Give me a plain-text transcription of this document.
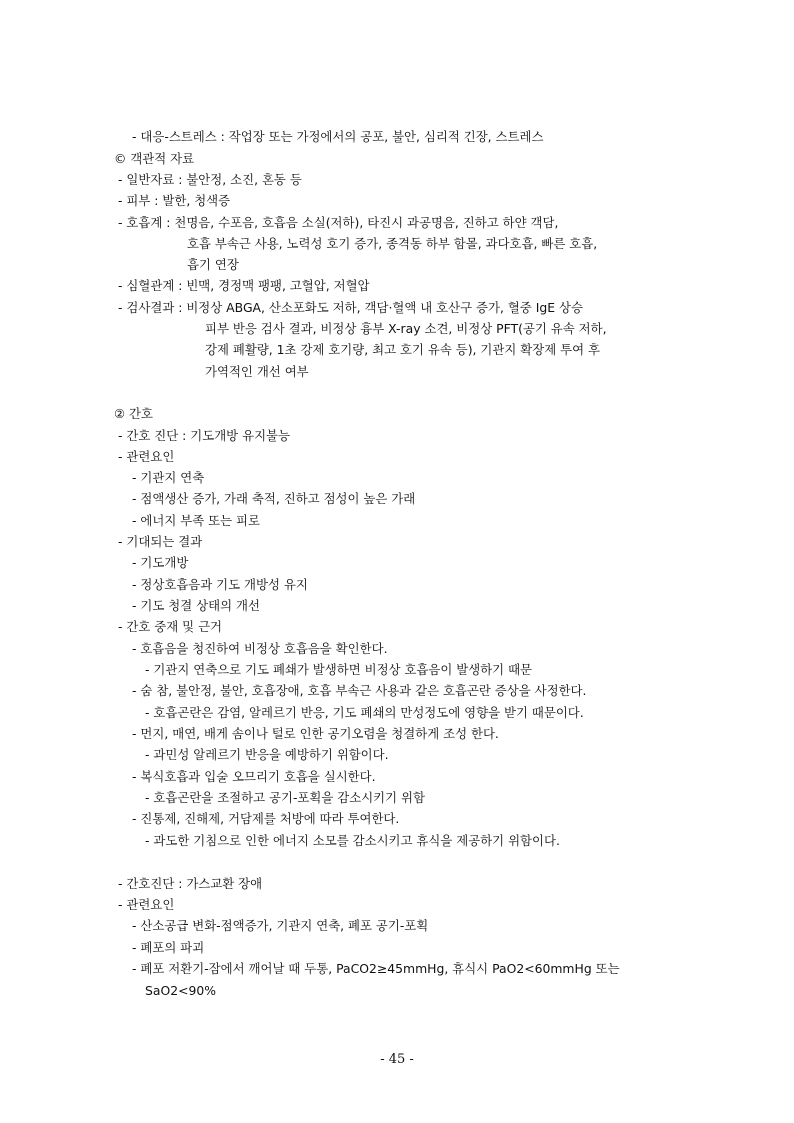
- 대응-스트레스 : 작업장 또는 가정에서의 공포, 불안, 심리적 긴장, 스트레스
© 객관적 자료
- 일반자료 : 불안정, 소진, 혼동 등
- 피부 : 발한, 청색증
- 호흡계 : 천명음, 수포음, 호흡음 소실(저하), 타진시 과공명음, 진하고 하얀 객담,
호흡 부속근 사용, 노력성 호기 증가, 종격동 하부 함몰, 과다호흡, 빠른 호흡,
흡기 연장
- 심혈관계 : 빈맥, 경정맥 팽팽, 고혈압, 저혈압
- 검사결과 : 비정상 ABGA, 산소포화도 저하, 객담·혈액 내 호산구 증가, 혈중 IgE 상승
피부 반응 검사 결과, 비정상 흉부 X-ray 소견, 비정상 PFT(공기 유속 저하,
강제 폐활량, 1초 강제 호기량, 최고 호기 유속 등), 기관지 확장제 투여 후
가역적인 개선 여부
② 간호
- 간호 진단 : 기도개방 유지불능
- 관련요인
- 기관지 연축
- 점액생산 증가, 가래 축적, 진하고 점성이 높은 가래
- 에너지 부족 또는 피로
- 기대되는 결과
- 기도개방
- 정상호흡음과 기도 개방성 유지
- 기도 청결 상태의 개선
- 간호 중재 및 근거
- 호흡음을 청진하여 비정상 호흡음을 확인한다.
- 기관지 연축으로 기도 폐쇄가 발생하면 비정상 호흡음이 발생하기 때문
- 숨 참, 불안정, 불안, 호흡장애, 호흡 부속근 사용과 같은 호흡곤란 증상을 사정한다.
- 호흡곤란은 감염, 알레르기 반응, 기도 폐쇄의 만성정도에 영향을 받기 때문이다.
- 먼지, 매연, 배게 솜이나 털로 인한 공기오렴을 청결하게 조성 한다.
- 과민성 알레르기 반응을 예방하기 위함이다.
- 복식호흡과 입술 오므리기 호흡을 실시한다.
- 호흡곤란을 조절하고 공기-포획을 감소시키기 위함
- 진통제, 진해제, 거담제를 처방에 따라 투여한다.
- 과도한 기침으로 인한 에너지 소모를 감소시키고 휴식을 제공하기 위함이다.
- 간호진단 : 가스교환 장애
- 관련요인
- 산소공급 변화-점액증가, 기관지 연축, 폐포 공기-포획
- 폐포의 파괴
- 폐포 저환기-잠에서 깨어날 때 두통, PaCO2≥45mmHg, 휴식시 PaO2<60mmHg 또는
SaO2<90%
- 45 -
